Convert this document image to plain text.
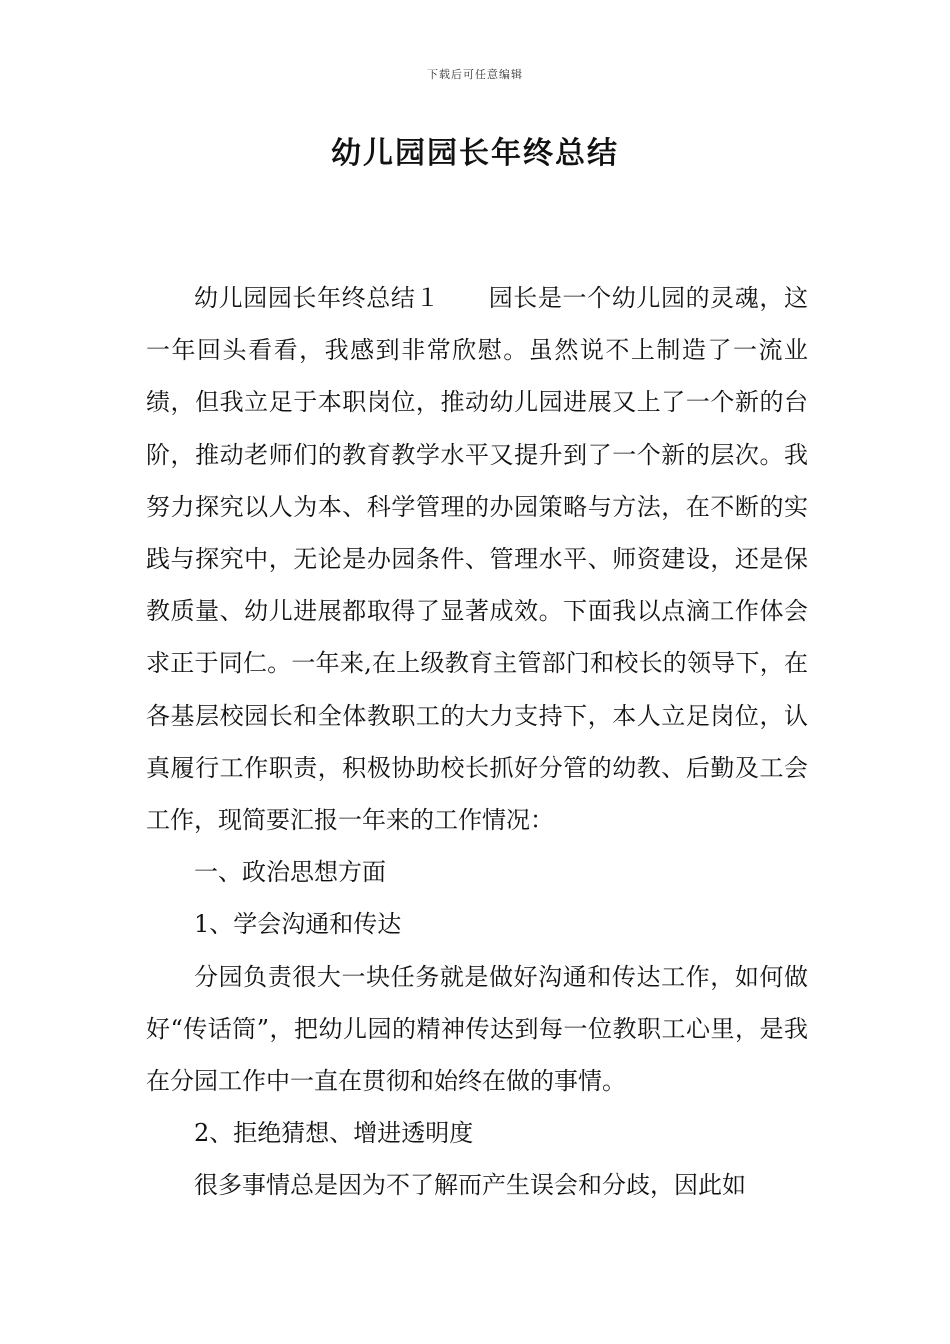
下载后可任意编辑
幼儿园园长年终总结

幼儿园园长年终总结１ 园长是一个幼儿园的灵魂，这一年回头看看，我感到非常欣慰。虽然说不上制造了一流业绩，但我立足于本职岗位，推动幼儿园进展又上了一个新的台阶，推动老师们的教育教学水平又提升到了一个新的层次。我努力探究以人为本、科学管理的办园策略与方法，在不断的实践与探究中，无论是办园条件、管理水平、师资建设，还是保教质量、幼儿进展都取得了显著成效。下面我以点滴工作体会求正于同仁。一年来,在上级教育主管部门和校长的领导下，在各基层校园长和全体教职工的大力支持下，本人立足岗位，认真履行工作职责，积极协助校长抓好分管的幼教、后勤及工会工作，现简要汇报一年来的工作情况：

一、政治思想方面

1、学会沟通和传达

分园负责很大一块任务就是做好沟通和传达工作，如何做好“传话筒”，把幼儿园的精神传达到每一位教职工心里，是我在分园工作中一直在贯彻和始终在做的事情。

2、拒绝猜想、增进透明度

很多事情总是因为不了解而产生误会和分歧，因此如
